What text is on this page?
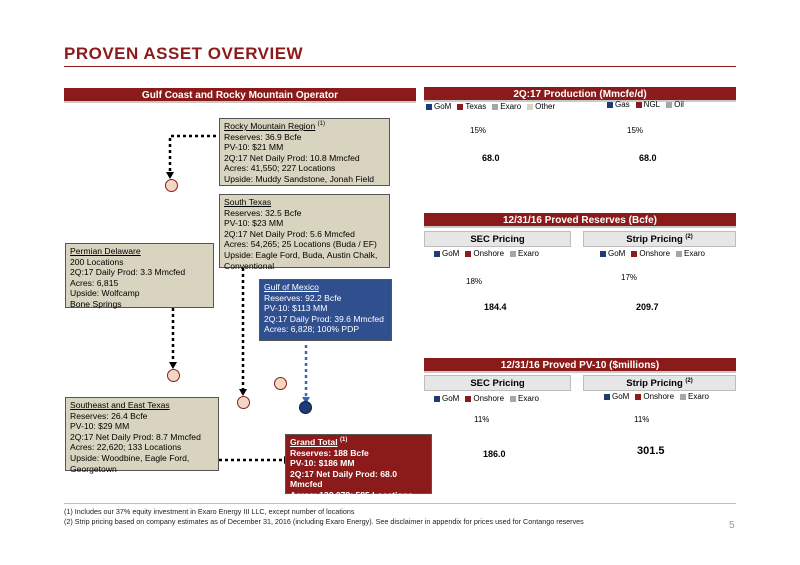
PROVEN ASSET OVERVIEW
Gulf Coast and Rocky Mountain Operator
Rocky Mountain Region $^{(1)}$
Reserves: 36.9 Bcfe
PV-10: $21 MM
2Q:17 Net Daily Prod: 10.8 Mmcfed
Acres: 41,550; 227 Locations
Upside: Muddy Sandstone, Jonah Field
South Texas
Reserves: 32.5 Bcfe
PV-10: $23 MM
2Q:17 Net Daily Prod: 5.6 Mmcfed
Acres: 54,265; 25 Locations (Buda / EF)
Upside: Eagle Ford, Buda, Austin Chalk,
Conventional
Permian Delaware
200 Locations
2Q:17 Daily Prod: 3.3 Mmcfed
Acres: 6,815
Upside: Wolfcamp
Bone Springs
Gulf of Mexico
Reserves: 92.2 Bcfe
PV-10: $113 MM
2Q:17 Daily Prod: 39.6 Mmcfed
Acres: 6,828; 100% PDP
Southeast and East Texas
Reserves: 26.4 Bcfe
PV-10: $29 MM
2Q:17 Net Daily Prod: 8.7 Mmcfed
Acres: 22,620; 133 Locations
Upside: Woodbine, Eagle Ford,
Georgetown
Grand Total $^{(1)}$
Reserves: 188 Bcfe
PV-10: $186 MM
2Q:17 Net Daily Prod: 68.0 Mmcfed
Acres: 132,078; 585 Locations
2Q:17 Production (Mmcfe/d)
GoM	Texas	Exaro	Other	Gas	NGL	Oil
15%	15%
68.0	68.0
12/31/16 Proved Reserves (Bcfe)
SEC Pricing	Strip Pricing $^{(2)}$
GoM	Onshore	Exaro	GoM	Onshore	Exaro
18%	17%
184.4	209.7
12/31/16 Proved PV-10 ($millions)
SEC Pricing	Strip Pricing $^{(2)}$
GoM	Onshore	Exaro	GoM	Onshore	Exaro
11%	11%
186.0	301.5
(1) Includes our 37% equity investment in Exaro Energy III LLC, except number of locations
(2) Strip pricing based on company estimates as of December 31, 2016 (including Exaro Energy). See disclaimer in appendix for prices used for Contango reserves	5
